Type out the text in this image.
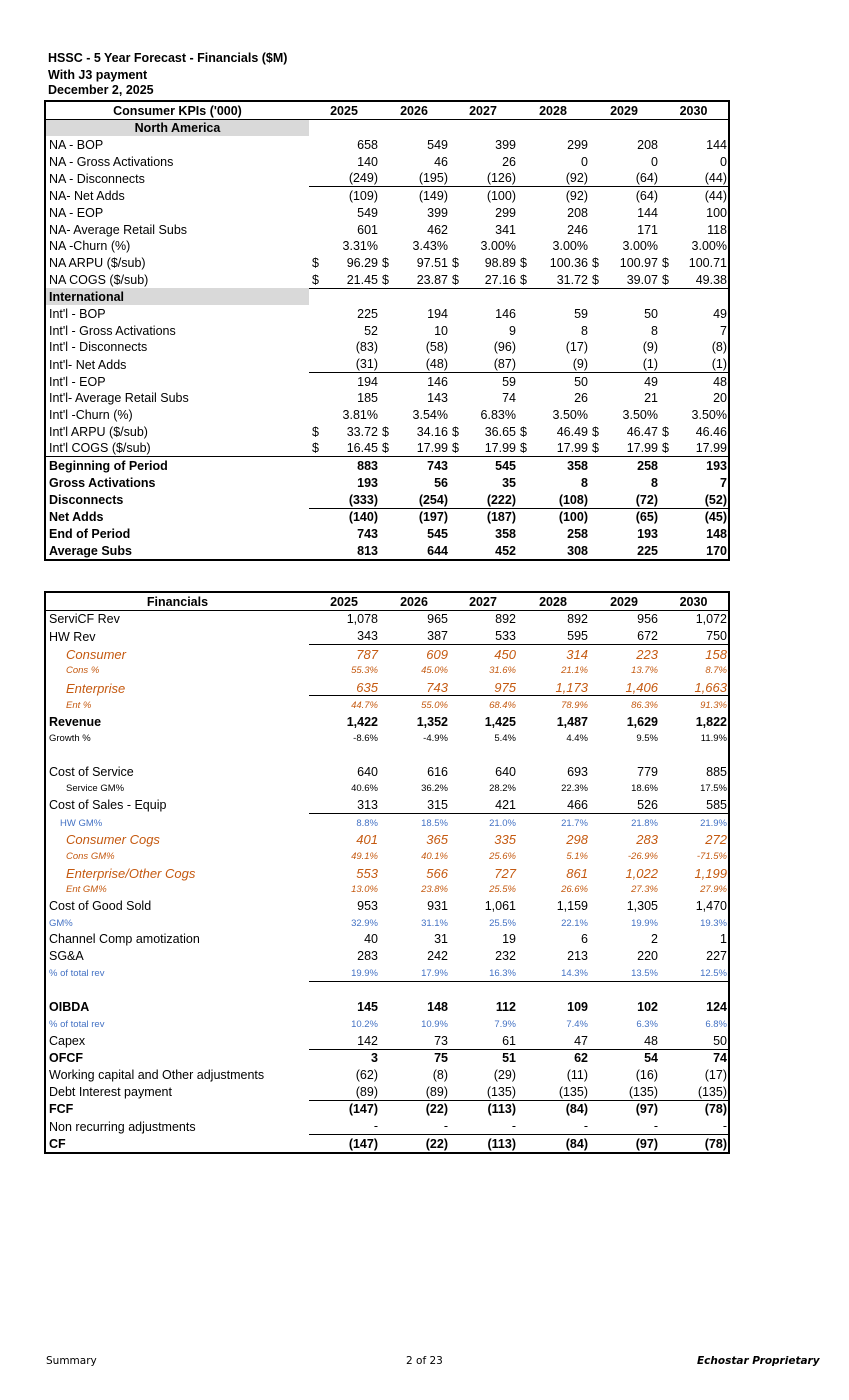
HSSC - 5 Year Forecast - Financials ($M)
With J3 payment
December 2, 2025
Consumer KPIs ('000)	2025	2026	2027	2028	2029	2030
North America						
NA - BOP	658	549	399	299	208	144
NA - Gross Activations	140	46	26	0	0	0
NA - Disconnects	(249)	(195)	(126)	(92)	(64)	(44)
NA- Net Adds	(109)	(149)	(100)	(92)	(64)	(44)
NA - EOP	549	399	299	208	144	100
NA- Average Retail Subs	601	462	341	246	171	118
NA -Churn (%)	3.31%	3.43%	3.00%	3.00%	3.00%	3.00%
NA ARPU ($/sub)	$ 96.29	$ 97.51	$ 98.89	$ 100.36	$ 100.97	$ 100.71
NA COGS ($/sub)	$ 21.45	$ 23.87	$ 27.16	$ 31.72	$ 39.07	$ 49.38
International						
Int'l - BOP	225	194	146	59	50	49
Int'l - Gross Activations	52	10	9	8	8	7
Int'l - Disconnects	(83)	(58)	(96)	(17)	(9)	(8)
Int'l- Net Adds	(31)	(48)	(87)	(9)	(1)	(1)
Int'l - EOP	194	146	59	50	49	48
Int'l- Average Retail Subs	185	143	74	26	21	20
Int'l -Churn (%)	3.81%	3.54%	6.83%	3.50%	3.50%	3.50%
Int'l ARPU ($/sub)	$ 33.72	$ 34.16	$ 36.65	$ 46.49	$ 46.47	$ 46.46
Int'l COGS ($/sub)	$ 16.45	$ 17.99	$ 17.99	$ 17.99	$ 17.99	$ 17.99
Beginning of Period	883	743	545	358	258	193
Gross Activations	193	56	35	8	8	7
Disconnects	(333)	(254)	(222)	(108)	(72)	(52)
Net Adds	(140)	(197)	(187)	(100)	(65)	(45)
End of Period	743	545	358	258	193	148
Average Subs	813	644	452	308	225	170
Financials	2025	2026	2027	2028	2029	2030
ServiCF Rev	1,078	965	892	892	956	1,072
HW Rev	343	387	533	595	672	750
Consumer	787	609	450	314	223	158
Cons %	55.3%	45.0%	31.6%	21.1%	13.7%	8.7%
Enterprise	635	743	975	1,173	1,406	1,663
Ent %	44.7%	55.0%	68.4%	78.9%	86.3%	91.3%
Revenue	1,422	1,352	1,425	1,487	1,629	1,822
Growth %	-8.6%	-4.9%	5.4%	4.4%	9.5%	11.9%

Cost of Service	640	616	640	693	779	885
Service GM%	40.6%	36.2%	28.2%	22.3%	18.6%	17.5%
Cost of Sales - Equip	313	315	421	466	526	585
HW GM%	8.8%	18.5%	21.0%	21.7%	21.8%	21.9%
Consumer Cogs	401	365	335	298	283	272
Cons GM%	49.1%	40.1%	25.6%	5.1%	-26.9%	-71.5%
Enterprise/Other Cogs	553	566	727	861	1,022	1,199
Ent GM%	13.0%	23.8%	25.5%	26.6%	27.3%	27.9%
Cost of Good Sold	953	931	1,061	1,159	1,305	1,470
GM%	32.9%	31.1%	25.5%	22.1%	19.9%	19.3%
Channel Comp amotization	40	31	19	6	2	1
SG&A	283	242	232	213	220	227
% of total rev	19.9%	17.9%	16.3%	14.3%	13.5%	12.5%

OIBDA	145	148	112	109	102	124
% of total rev	10.2%	10.9%	7.9%	7.4%	6.3%	6.8%
Capex	142	73	61	47	48	50
OFCF	3	75	51	62	54	74
Working capital and Other adjustments	(62)	(8)	(29)	(11)	(16)	(17)
Debt Interest payment	(89)	(89)	(135)	(135)	(135)	(135)
FCF	(147)	(22)	(113)	(84)	(97)	(78)
Non recurring adjustments	-	-	-	-	-	-
CF	(147)	(22)	(113)	(84)	(97)	(78)
Summary	2 of 23	Echostar Proprietary
